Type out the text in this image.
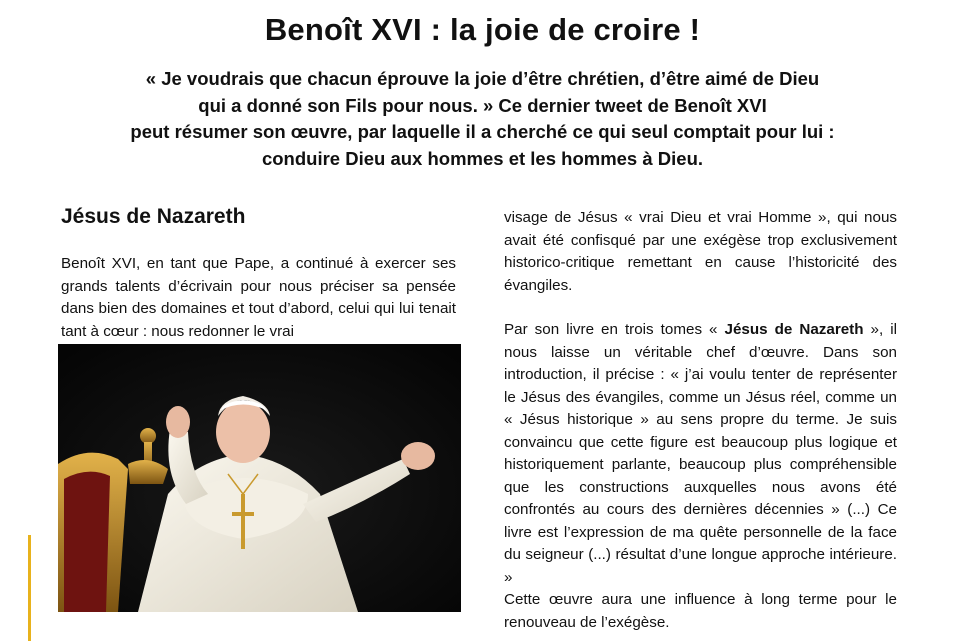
Benoît XVI : la joie de croire !
« Je voudrais que chacun éprouve la joie d’être chrétien, d’être aimé de Dieu
qui a donné son Fils pour nous. » Ce dernier tweet de Benoît XVI
peut résumer son œuvre, par laquelle il a cherché ce qui seul comptait pour lui :
conduire Dieu aux hommes et les hommes à Dieu.
Jésus de Nazareth
Benoît XVI, en tant que Pape, a continué à exercer ses grands talents d’écrivain pour nous préciser sa pensée dans bien des domaines et tout d’abord, celui qui lui tenait tant à cœur : nous redonner le vrai

visage de Jésus « vrai Dieu et vrai Homme », qui nous avait été confisqué par une exégèse trop exclusivement historico-critique remettant en cause l’historicité des évangiles.

Par son livre en trois tomes « Jésus de Nazareth », il nous laisse un véritable chef d’œuvre. Dans son introduction, il précise : « j’ai voulu tenter de représenter le Jésus des évangiles, comme un Jésus réel, comme un « Jésus historique » au sens propre du terme. Je suis convaincu que cette figure est beaucoup plus logique et historiquement parlante, beaucoup plus compréhensible que les constructions auxquelles nous avons été confrontés au cours des dernières décennies » (...) Ce livre est l’expression de ma quête personnelle de la face du seigneur (...) résultat d’une longue approche intérieure. »

Cette œuvre aura une influence à long terme pour le renouveau de l’exégèse.
